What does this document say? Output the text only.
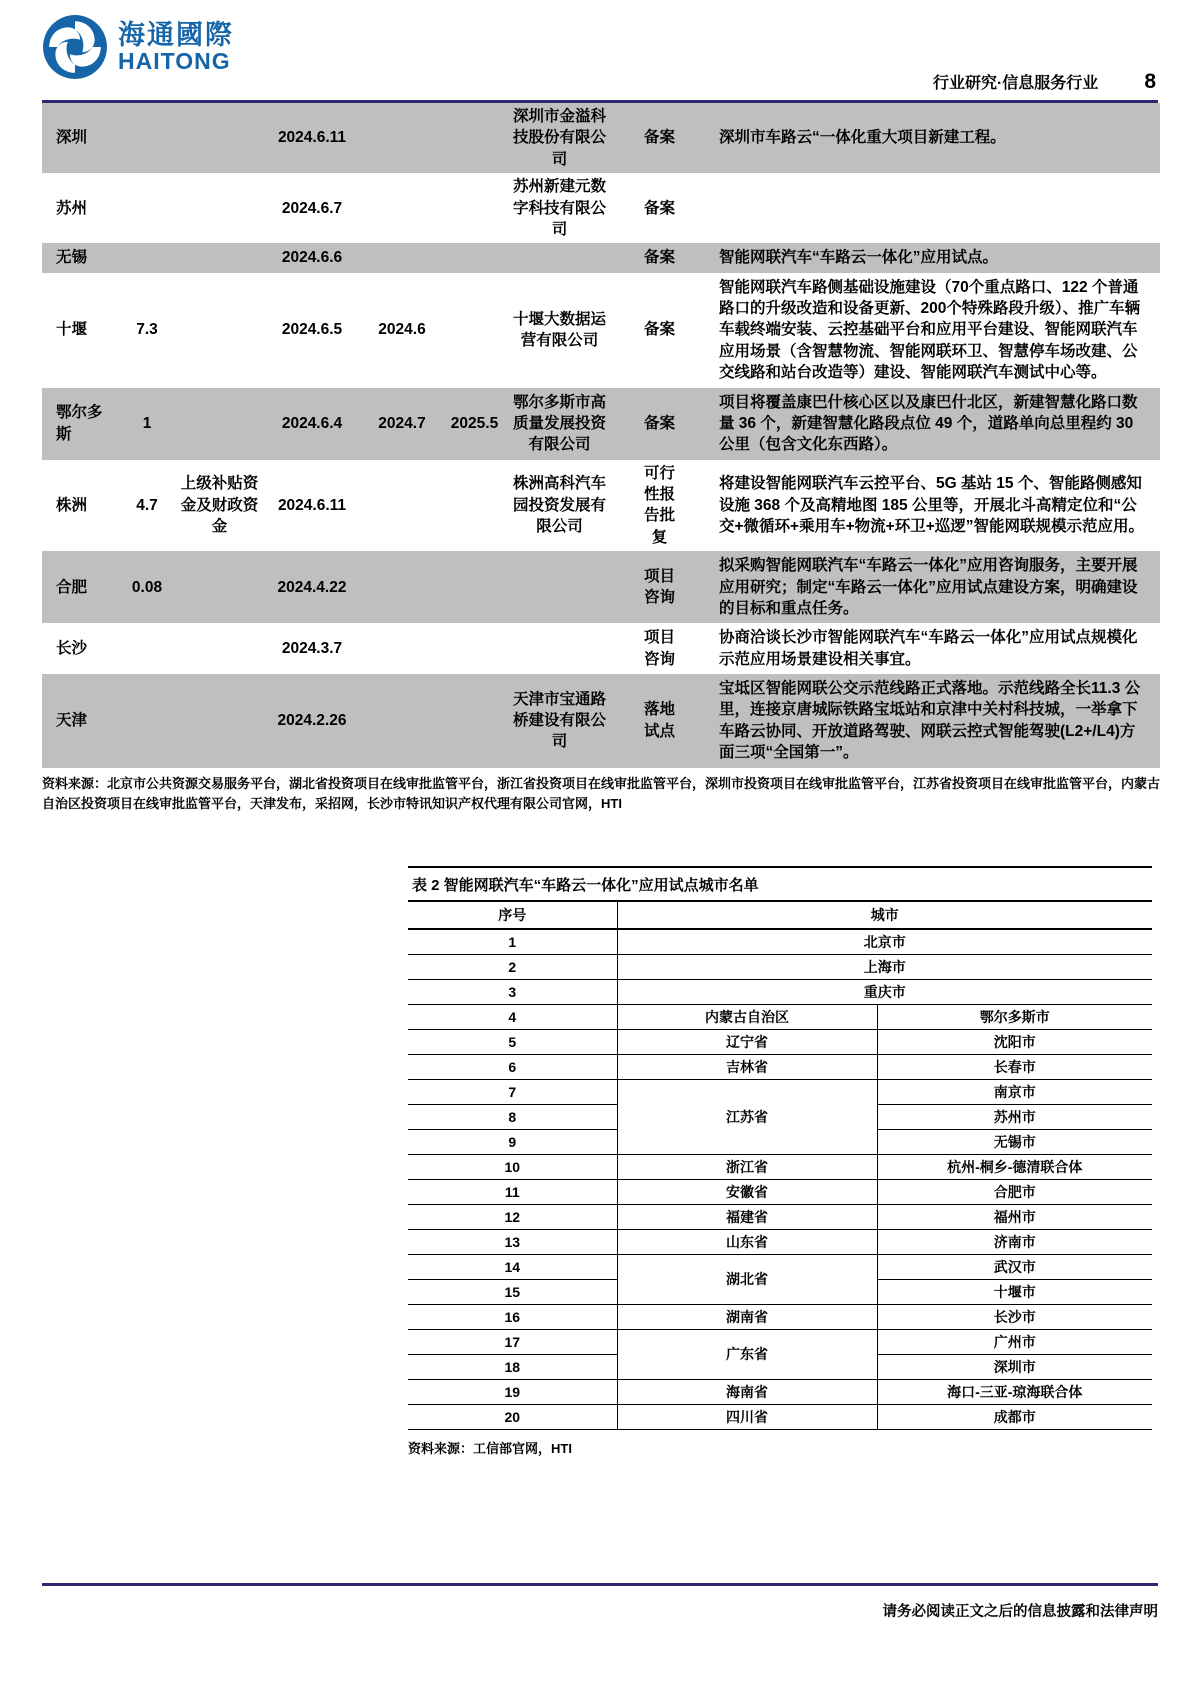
海通國際
HAITONG
行业研究·信息服务行业 8
深圳			2024.6.11			深圳市金溢科技股份有限公司	备案	深圳市车路云“一体化重大项目新建工程。
苏州			2024.6.7			苏州新建元数字科技有限公司	备案	
无锡			2024.6.6				备案	智能网联汽车“车路云一体化”应用试点。
十堰	7.3		2024.6.5	2024.6		十堰大数据运营有限公司	备案	智能网联汽车路侧基础设施建设（70个重点路口、122 个普通路口的升级改造和设备更新、200个特殊路段升级）、推广车辆车载终端安装、云控基础平台和应用平台建设、智能网联汽车应用场景（含智慧物流、智能网联环卫、智慧停车场改建、公交线路和站台改造等）建设、智能网联汽车测试中心等。
鄂尔多斯	1		2024.6.4	2024.7	2025.5	鄂尔多斯市高质量发展投资有限公司	备案	项目将覆盖康巴什核心区以及康巴什北区，新建智慧化路口数量 36 个，新建智慧化路段点位 49 个，道路单向总里程约 30 公里（包含文化东西路）。
株洲	4.7	上级补贴资金及财政资金	2024.6.11			株洲高科汽车园投资发展有限公司	可行性报告批复	将建设智能网联汽车云控平台、5G 基站 15 个、智能路侧感知设施 368 个及高精地图 185 公里等，开展北斗高精定位和“公交+微循环+乘用车+物流+环卫+巡逻”智能网联规模示范应用。
合肥	0.08		2024.4.22				项目咨询	拟采购智能网联汽车“车路云一体化”应用咨询服务，主要开展应用研究；制定“车路云一体化”应用试点建设方案，明确建设的目标和重点任务。
长沙			2024.3.7				项目咨询	协商洽谈长沙市智能网联汽车“车路云一体化”应用试点规模化示范应用场景建设相关事宜。
天津			2024.2.26			天津市宝通路桥建设有限公司	落地试点	宝坻区智能网联公交示范线路正式落地。示范线路全长11.3 公里，连接京唐城际铁路宝坻站和京津中关村科技城，一举拿下车路云协同、开放道路驾驶、网联云控式智能驾驶(L2+/L4)方面三项“全国第一”。

资料来源：北京市公共资源交易服务平台，湖北省投资项目在线审批监管平台，浙江省投资项目在线审批监管平台，深圳市投资项目在线审批监管平台，江苏省投资项目在线审批监管平台，内蒙古自治区投资项目在线审批监管平台，天津发布，采招网，长沙市特讯知识产权代理有限公司官网，HTI

表 2 智能网联汽车“车路云一体化”应用试点城市名单
序号	城市	
1	北京市	
2	上海市	
3	重庆市	
4	内蒙古自治区	鄂尔多斯市
5	辽宁省	沈阳市
6	吉林省	长春市
7	江苏省	南京市
8		苏州市
9		无锡市
10	浙江省	杭州-桐乡-德清联合体
11	安徽省	合肥市
12	福建省	福州市
13	山东省	济南市
14	湖北省	武汉市
15		十堰市
16	湖南省	长沙市
17	广东省	广州市
18		深圳市
19	海南省	海口-三亚-琼海联合体
20	四川省	成都市

资料来源：工信部官网，HTI

请务必阅读正文之后的信息披露和法律声明
